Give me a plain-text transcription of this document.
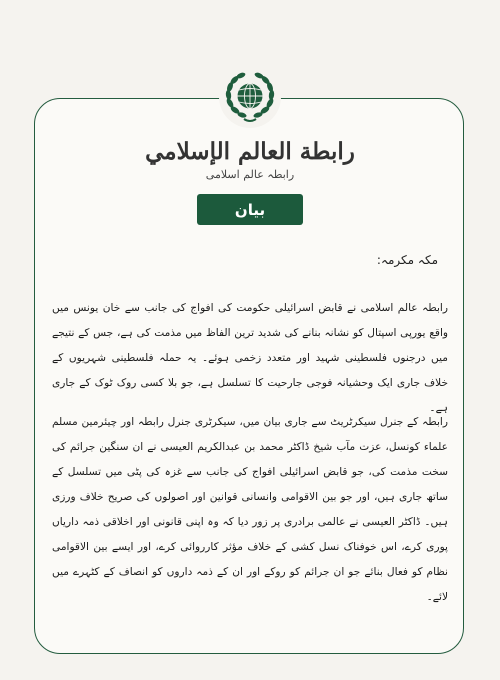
رابطة العالم الإسلامي
رابطہ عالم اسلامی
بیان
مکہ مکرمہ:

رابطہ عالم اسلامی نے قابض اسرائیلی حکومت کی افواج کی جانب سے خان یونس میں واقع یورپی اسپتال کو نشانہ بنانے کی شدید ترین الفاظ میں مذمت کی ہے، جس کے نتیجے میں درجنوں فلسطینی شہید اور متعدد زخمی ہوئے۔ یہ حملہ فلسطینی شہریوں کے خلاف جاری ایک وحشیانہ فوجی جارحیت کا تسلسل ہے، جو بلا کسی روک ٹوک کے جاری ہے۔

رابطہ کے جنرل سیکرٹریٹ سے جاری بیان میں، سیکرٹری جنرل رابطہ اور چیئرمین مسلم علماء کونسل، عزت مآب شیخ ڈاکٹر محمد بن عبدالکریم العیسی نے ان سنگین جرائم کی سخت مذمت کی، جو قابض اسرائیلی افواج کی جانب سے غزہ کی پٹی میں تسلسل کے ساتھ جاری ہیں، اور جو بین الاقوامی وانسانی قوانین اور اصولوں کی صریح خلاف ورزی ہیں۔ ڈاکٹر العیسی نے عالمی برادری پر زور دیا کہ وہ اپنی قانونی اور اخلاقی ذمہ داریاں پوری کرے، اس خوفناک نسل کشی کے خلاف مؤثر کارروائی کرے، اور ایسے بین الاقوامی نظام کو فعال بنائے جو ان جرائم کو روکے اور ان کے ذمہ داروں کو انصاف کے کٹہرے میں لائے۔
